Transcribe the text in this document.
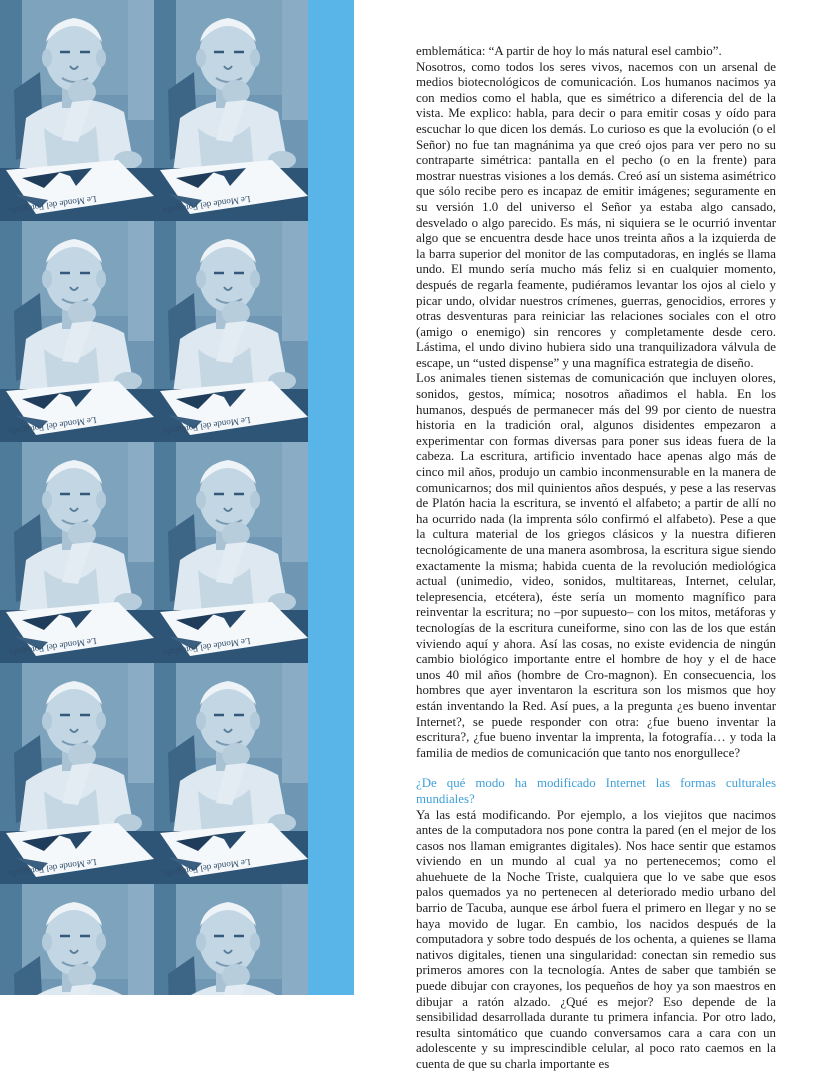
emblemática: “A partir de hoy lo más natural esel cambio”.

Nosotros, como todos los seres vivos, nacemos con un arsenal de medios biotecnológicos de comunicación. Los humanos nacimos ya con medios como el habla, que es simétrico a diferencia del de la vista. Me explico: habla, para decir o para emitir cosas y oído para escuchar lo que dicen los demás. Lo curioso es que la evolución (o el Señor) no fue tan magnánima ya que creó ojos para ver pero no su contraparte simétrica: pantalla en el pecho (o en la frente) para mostrar nuestras visiones a los demás. Creó así un sistema asimétrico que sólo recibe pero es incapaz de emitir imágenes; seguramente en su versión 1.0 del universo el Señor ya estaba algo cansado, desvelado o algo parecido. Es más, ni siquiera se le ocurrió inventar algo que se encuentra desde hace unos treinta años a la izquierda de la barra superior del monitor de las computadoras, en inglés se llama undo. El mundo sería mucho más feliz si en cualquier momento, después de regarla feamente, pudiéramos levantar los ojos al cielo y picar undo, olvidar nuestros crímenes, guerras, genocidios, errores y otras desventuras para reiniciar las relaciones sociales con el otro (amigo o enemigo) sin rencores y completamente desde cero. Lástima, el undo divino hubiera sido una tranquilizadora válvula de escape, un “usted dispense” y una magnífica estrategia de diseño.

Los animales tienen sistemas de comunicación que incluyen olores, sonidos, gestos, mímica; nosotros añadimos el habla. En los humanos, después de permanecer más del 99 por ciento de nuestra historia en la tradición oral, algunos disidentes empezaron a experimentar con formas diversas para poner sus ideas fuera de la cabeza. La escritura, artificio inventado hace apenas algo más de cinco mil años, produjo un cambio inconmensurable en la manera de comunicarnos; dos mil quinientos años después, y pese a las reservas de Platón hacia la escritura, se inventó el alfabeto; a partir de allí no ha ocurrido nada (la imprenta sólo confirmó el alfabeto). Pese a que la cultura material de los griegos clásicos y la nuestra difieren tecnológicamente de una manera asombrosa, la escritura sigue siendo exactamente la misma; habida cuenta de la revolución mediológica actual (unimedio, video, sonidos, multitareas, Internet, celular, telepresencia, etcétera), éste sería un momento magnífico para reinventar la escritura; no –por supuesto– con los mitos, metáforas y tecnologías de la escritura cuneiforme, sino con las de los que están viviendo aquí y ahora. Así las cosas, no existe evidencia de ningún cambio biológico importante entre el hombre de hoy y el de hace unos 40 mil años (hombre de Cro-magnon). En consecuencia, los hombres que ayer inventaron la escritura son los mismos que hoy están inventando la Red. Así pues, a la pregunta ¿es bueno inventar Internet?, se puede responder con otra: ¿fue bueno inventar la escritura?, ¿fue bueno inventar la imprenta, la fotografía… y toda la familia de medios de comunicación que tanto nos enorgullece?

¿De qué modo ha modificado Internet las formas culturales mundiales?

Ya las está modificando. Por ejemplo, a los viejitos que nacimos antes de la computadora nos pone contra la pared (en el mejor de los casos nos llaman emigrantes digitales). Nos hace sentir que estamos viviendo en un mundo al cual ya no pertenecemos; como el ahuehuete de la Noche Triste, cualquiera que lo ve sabe que esos palos quemados ya no pertenecen al deteriorado medio urbano del barrio de Tacuba, aunque ese árbol fuera el primero en llegar y no se haya movido de lugar. En cambio, los nacidos después de la computadora y sobre todo después de los ochenta, a quienes se llama nativos digitales, tienen una singularidad: conectan sin remedio sus primeros amores con la tecnología. Antes de saber que también se puede dibujar con crayones, los pequeños de hoy ya son maestros en dibujar a ratón alzado. ¿Qué es mejor? Eso depende de la sensibilidad desarrollada durante tu primera infancia. Por otro lado, resulta sintomático que cuando conversamos cara a cara con un adolescente y su imprescindible celular, al poco rato caemos en la cuenta de que su charla importante es
